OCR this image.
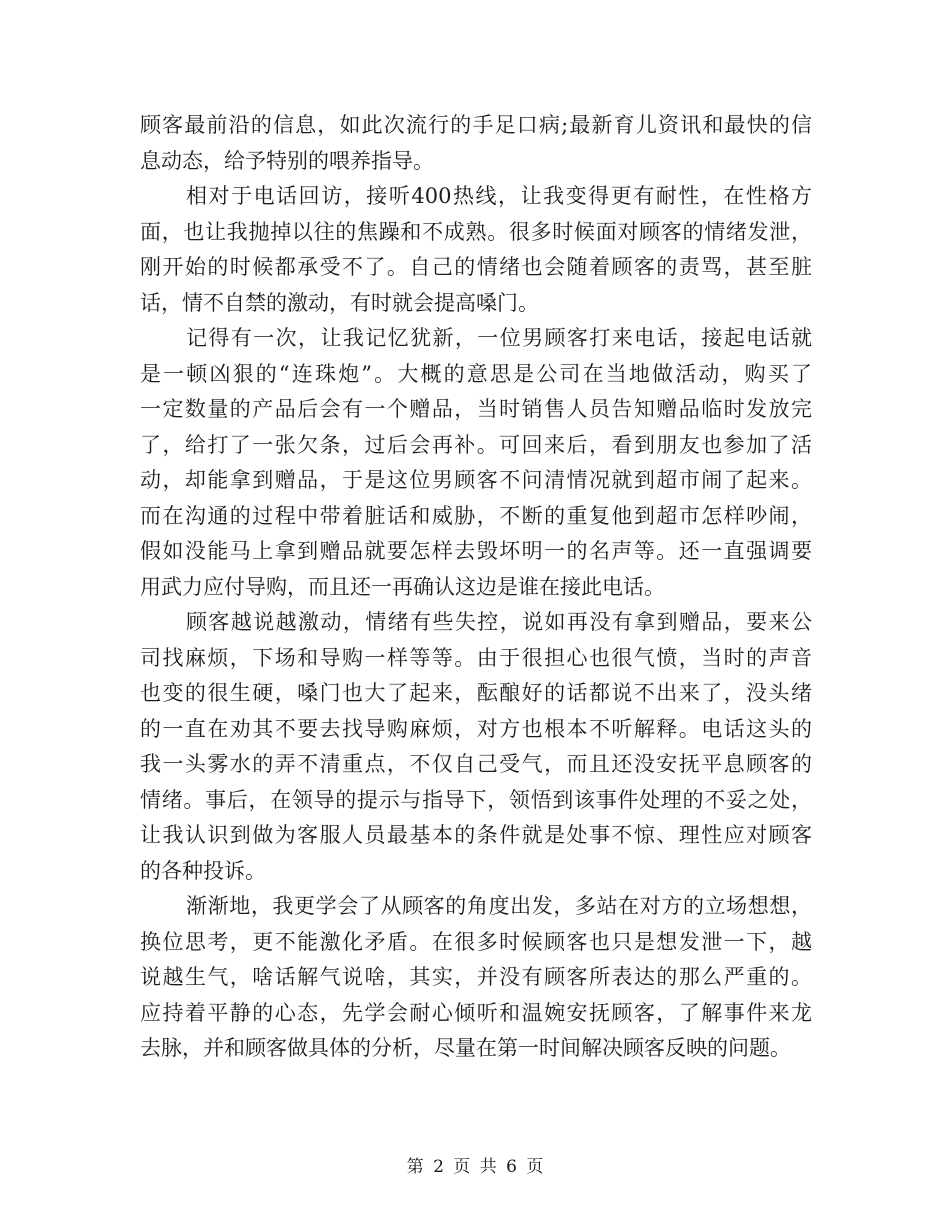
顾客最前沿的信息，如此次流行的手足口病;最新育儿资讯和最快的信
息动态，给予特别的喂养指导。
相对于电话回访，接听400热线，让我变得更有耐性，在性格方
面，也让我抛掉以往的焦躁和不成熟。很多时候面对顾客的情绪发泄，
刚开始的时候都承受不了。自己的情绪也会随着顾客的责骂，甚至脏
话，情不自禁的激动，有时就会提高嗓门。
记得有一次，让我记忆犹新，一位男顾客打来电话，接起电话就
是一顿凶狠的“连珠炮”。大概的意思是公司在当地做活动，购买了
一定数量的产品后会有一个赠品，当时销售人员告知赠品临时发放完
了，给打了一张欠条，过后会再补。可回来后，看到朋友也参加了活
动，却能拿到赠品，于是这位男顾客不问清情况就到超市闹了起来。
而在沟通的过程中带着脏话和威胁，不断的重复他到超市怎样吵闹，
假如没能马上拿到赠品就要怎样去毁坏明一的名声等。还一直强调要
用武力应付导购，而且还一再确认这边是谁在接此电话。
顾客越说越激动，情绪有些失控，说如再没有拿到赠品，要来公
司找麻烦，下场和导购一样等等。由于很担心也很气愤，当时的声音
也变的很生硬，嗓门也大了起来，酝酿好的话都说不出来了，没头绪
的一直在劝其不要去找导购麻烦，对方也根本不听解释。电话这头的
我一头雾水的弄不清重点，不仅自己受气，而且还没安抚平息顾客的
情绪。事后，在领导的提示与指导下，领悟到该事件处理的不妥之处，
让我认识到做为客服人员最基本的条件就是处事不惊、理性应对顾客
的各种投诉。
渐渐地，我更学会了从顾客的角度出发，多站在对方的立场想想，
换位思考，更不能激化矛盾。在很多时候顾客也只是想发泄一下，越
说越生气，啥话解气说啥，其实，并没有顾客所表达的那么严重的。
应持着平静的心态，先学会耐心倾听和温婉安抚顾客，了解事件来龙
去脉，并和顾客做具体的分析，尽量在第一时间解决顾客反映的问题。
第 2 页 共 6 页
